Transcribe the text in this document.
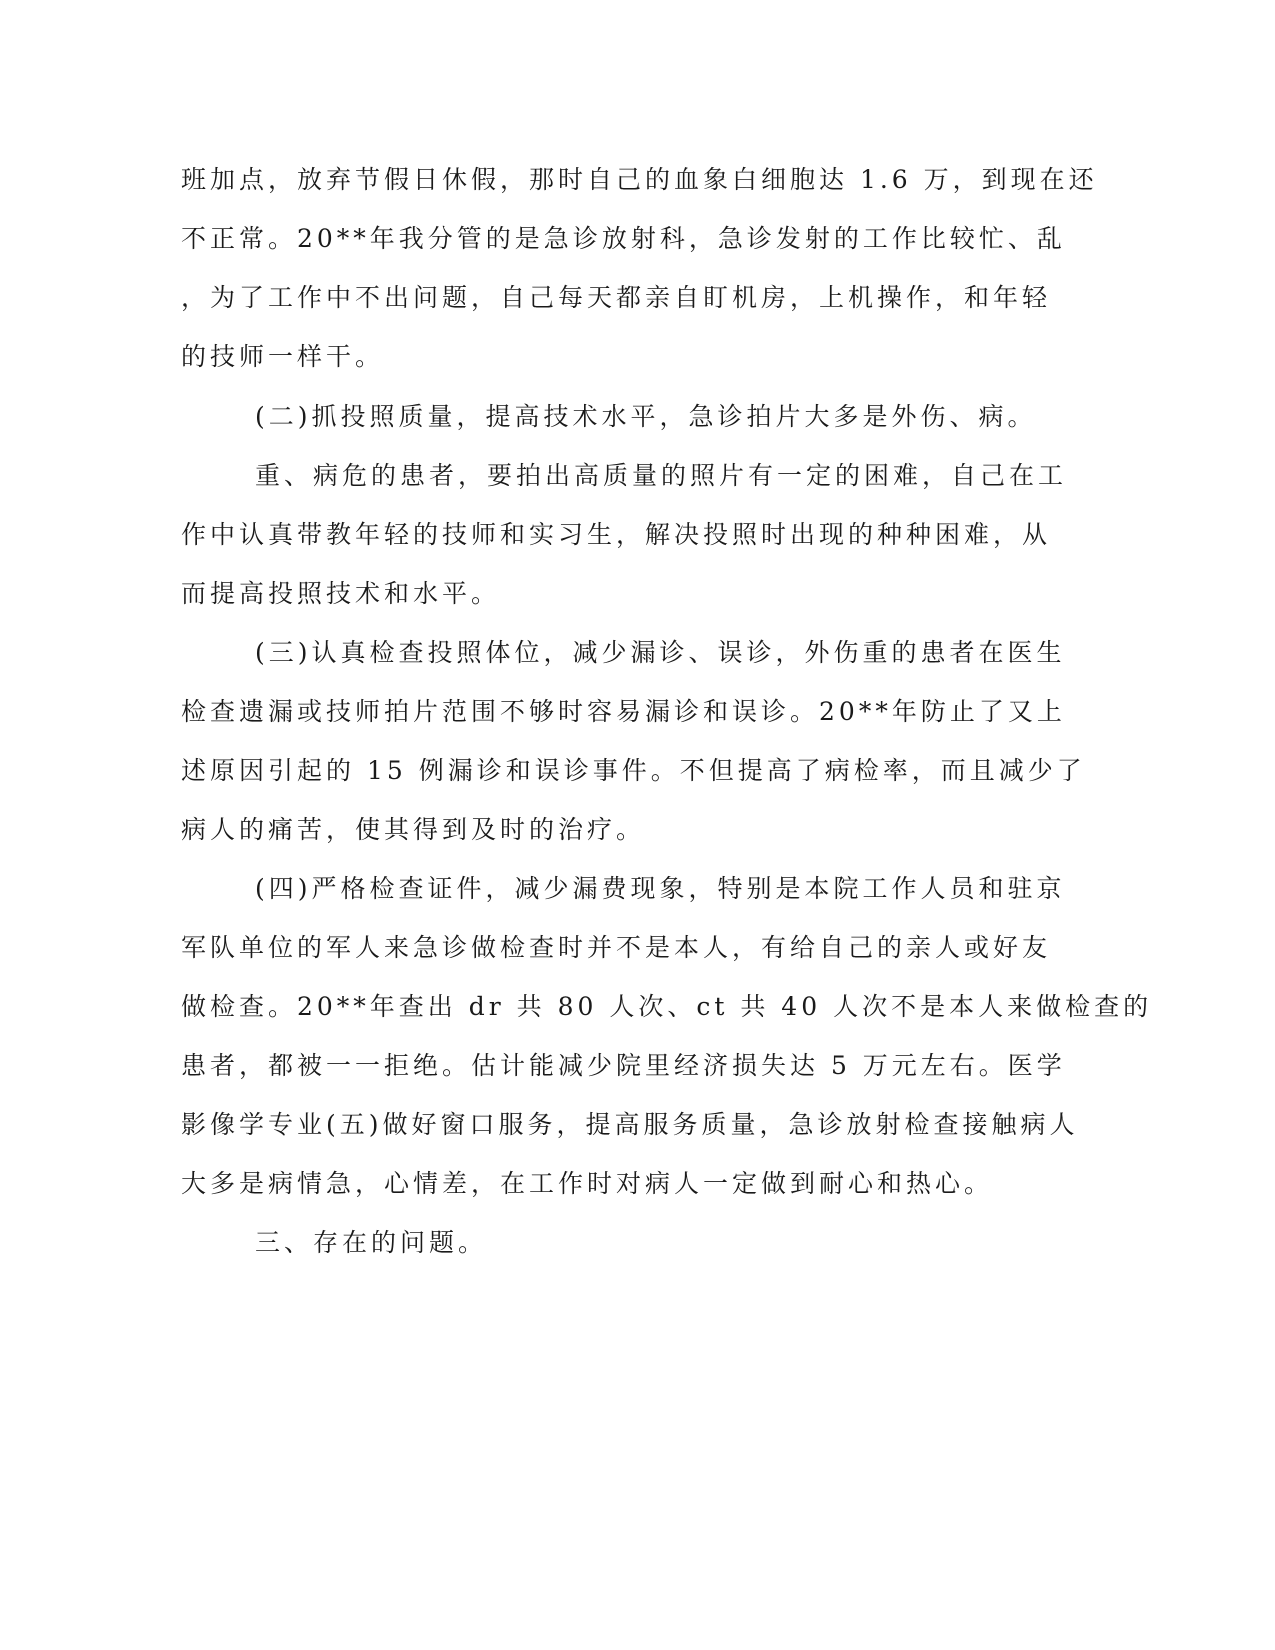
班加点，放弃节假日休假，那时自己的血象白细胞达 1.6 万，到现在还
不正常。20**年我分管的是急诊放射科，急诊发射的工作比较忙、乱
，为了工作中不出问题，自己每天都亲自盯机房，上机操作，和年轻
的技师一样干。
(二)抓投照质量，提高技术水平，急诊拍片大多是外伤、病。
重、病危的患者，要拍出高质量的照片有一定的困难，自己在工
作中认真带教年轻的技师和实习生，解决投照时出现的种种困难，从
而提高投照技术和水平。
(三)认真检查投照体位，减少漏诊、误诊，外伤重的患者在医生
检查遗漏或技师拍片范围不够时容易漏诊和误诊。20**年防止了又上
述原因引起的 15 例漏诊和误诊事件。不但提高了病检率，而且减少了
病人的痛苦，使其得到及时的治疗。
(四)严格检查证件，减少漏费现象，特别是本院工作人员和驻京
军队单位的军人来急诊做检查时并不是本人，有给自己的亲人或好友
做检查。20**年查出 dr 共 80 人次、ct 共 40 人次不是本人来做检查的
患者，都被一一拒绝。估计能减少院里经济损失达 5 万元左右。医学
影像学专业(五)做好窗口服务，提高服务质量，急诊放射检查接触病人
大多是病情急，心情差，在工作时对病人一定做到耐心和热心。
三、存在的问题。
